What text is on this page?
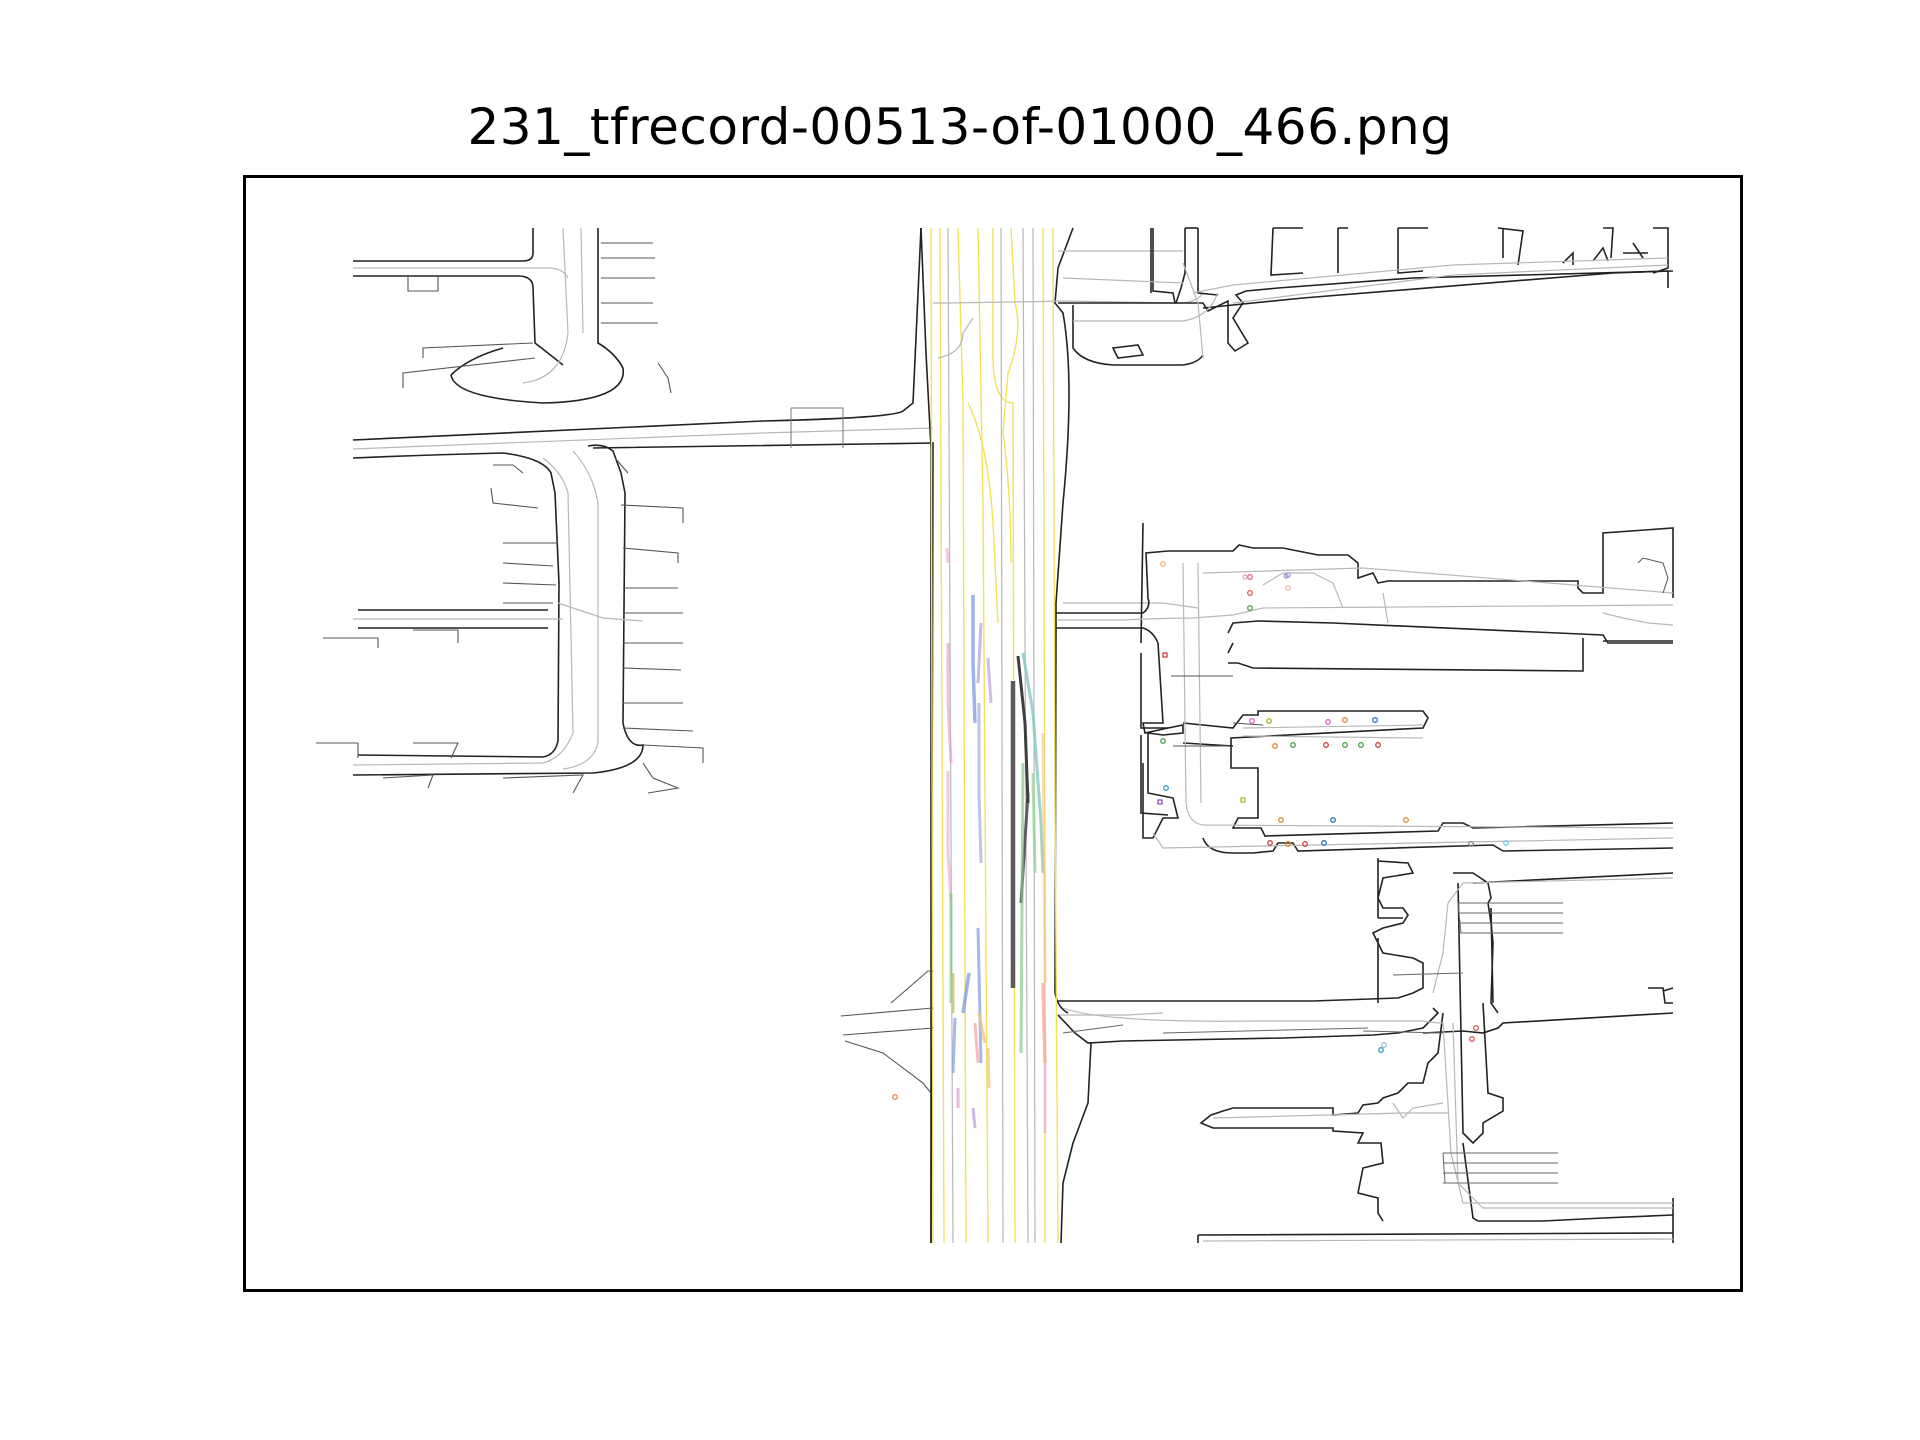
231_tfrecord-00513-of-01000_466.png
